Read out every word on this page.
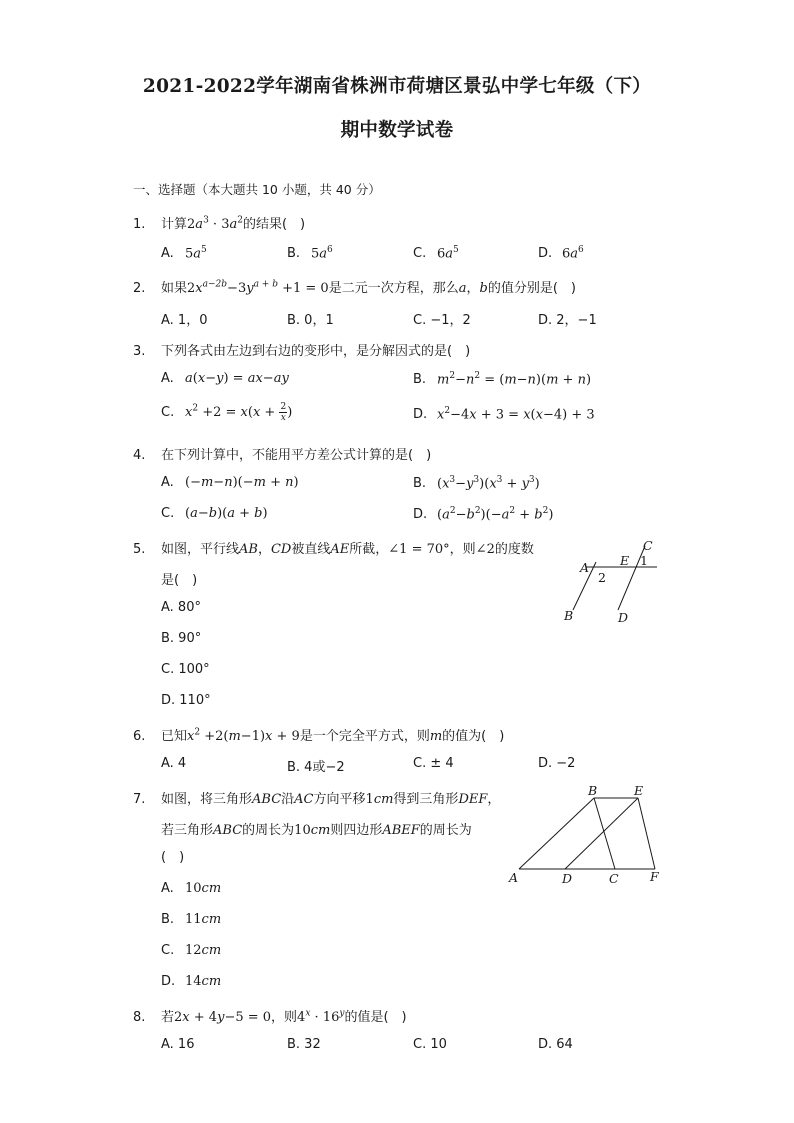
2021-2022学年湖南省株洲市荷塘区景弘中学七年级（下）
期中数学试卷
一、选择题（本大题共 10 小题，共 40 分）
1. 计算$2a^3 \cdot 3a^2$的结果( )
A. $5a^5$	B. $5a^6$	C. $6a^5$	D. $6a^6$
2. 如果$2x^{a-2b}-3y^{a + b} +1 = 0$是二元一次方程，那么a，b的值分别是( )
A. 1，0	B. 0，1	C. −1，2	D. 2，−1
3. 下列各式由左边到右边的变形中，是分解因式的是( )
A. a(x−y) = ax−ay	B. $m^2-n^2 = (m-n)(m + n)$
C. $x^2 +2 = x(x + \frac{2}{x}$ )	D. $x^2-4x + 3 = x(x-4) + 3$
4. 在下列计算中，不能用平方差公式计算的是( )
A. (−m−n)(−m + n)	B. $(x^3-y^3)(x^3 + y^3)$
C. (a−b)(a + b)	D. $(a^2-b^2)(-a^2 + b^2)$
5. 如图，平行线AB，CD被直线AE所截，∠1 = 70°，则∠2的度数
是( )
A. 80°
B. 90°
C. 100°
D. 110°
A
B
C
D
E 1
2
6. 已知$x^2 +2(m-1)x + 9$是一个完全平方式，则m的值为( )
A. 4	B. 4或−2	C. ± 4	D. −2
7. 如图，将三角形ABC沿AC方向平移1cm得到三角形DEF，
若三角形ABC的周长为10cm则四边形ABEF的周长为
( )
A. 10cm
B. 11cm
C. 12cm
D. 14cm
A
B
C
D
E
F
8. 若2x + 4y−5 = 0，则$4^x \cdot 16^y$的值是( )
A. 16	B. 32	C. 10	D. 64
